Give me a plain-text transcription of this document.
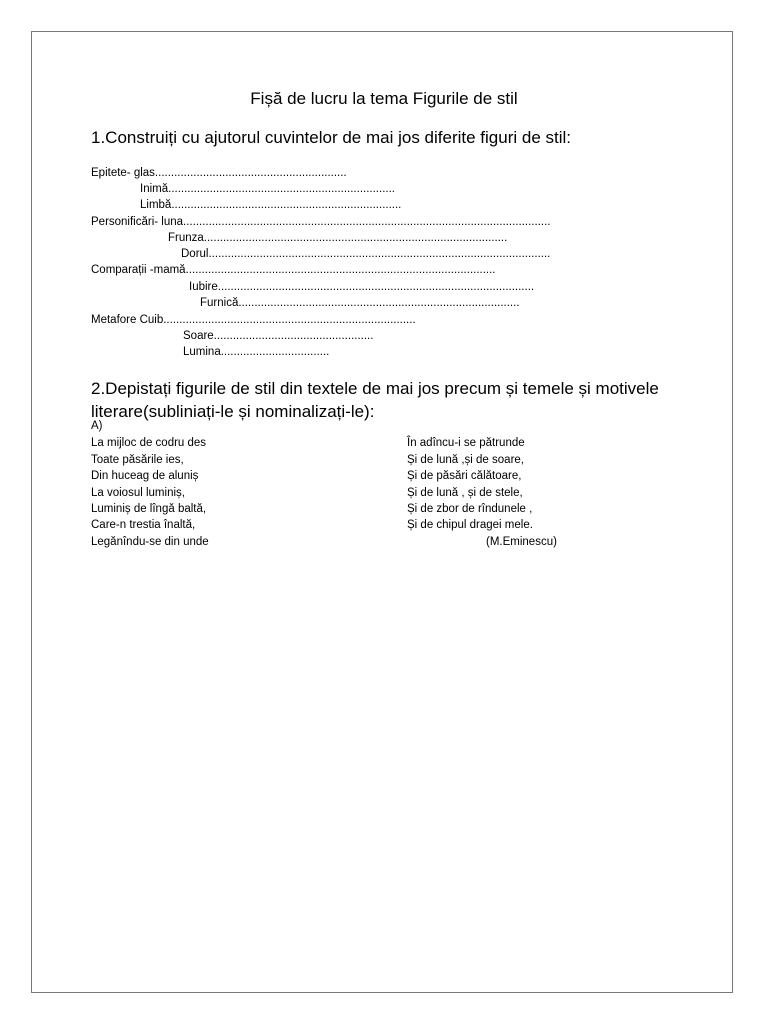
Fișă de lucru la tema Figurile de stil
1.Construiți cu ajutorul cuvintelor de mai jos diferite figuri de stil:
Epitete- glas............................................................
Inimă.......................................................................
Limbă........................................................................
Personificări- luna...................................................................................................................
Frunza...............................................................................................
Dorul...........................................................................................................
Comparații -mamă.................................................................................................
Iubire...................................................................................................
Furnică........................................................................................
Metafore Cuib...............................................................................
Soare..................................................
Lumina..................................
2.Depistați figurile de stil din textele de mai jos precum și temele și motivele
literare(subliniați-le și nominalizați-le):
A)
La mijloc de codru des
Toate păsările ies,
Din huceag de aluniș
La voiosul luminiș,
Luminiș de lîngă baltă,
Care-n trestia înaltă,
Legănîndu-se din unde
În adîncu-i se pătrunde
Și de lună ,și de soare,
Și de păsări călătoare,
Și de lună , și de stele,
Și de zbor de rîndunele ,
Și de chipul dragei mele.
(M.Eminescu)
